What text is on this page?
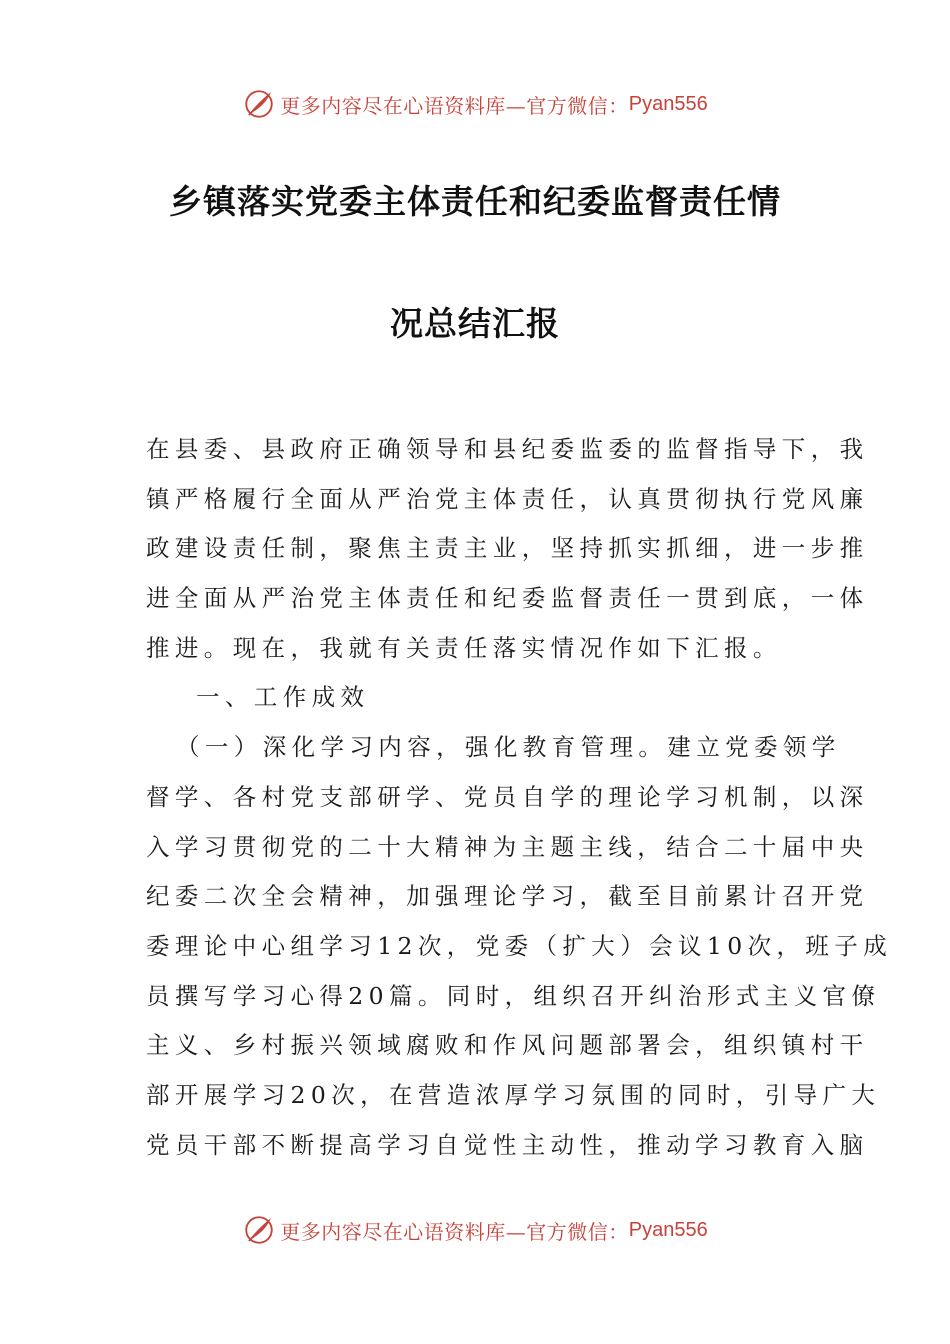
更多内容尽在心语资料库—官方微信： Pyan556
乡镇落实党委主体责任和纪委监督责任情
况总结汇报
在县委、县政府正确领导和县纪委监委的监督指导下，我
镇严格履行全面从严治党主体责任，认真贯彻执行党风廉
政建设责任制，聚焦主责主业，坚持抓实抓细，进一步推
进全面从严治党主体责任和纪委监督责任一贯到底，一体
推进。现在，我就有关责任落实情况作如下汇报。
一、工作成效
（一）深化学习内容，强化教育管理。建立党委领学
督学、各村党支部研学、党员自学的理论学习机制，以深
入学习贯彻党的二十大精神为主题主线，结合二十届中央
纪委二次全会精神，加强理论学习，截至目前累计召开党
委理论中心组学习12次，党委（扩大）会议10次，班子成
员撰写学习心得20篇。同时，组织召开纠治形式主义官僚
主义、乡村振兴领域腐败和作风问题部署会，组织镇村干
部开展学习20次，在营造浓厚学习氛围的同时，引导广大
党员干部不断提高学习自觉性主动性，推动学习教育入脑
更多内容尽在心语资料库—官方微信： Pyan556
